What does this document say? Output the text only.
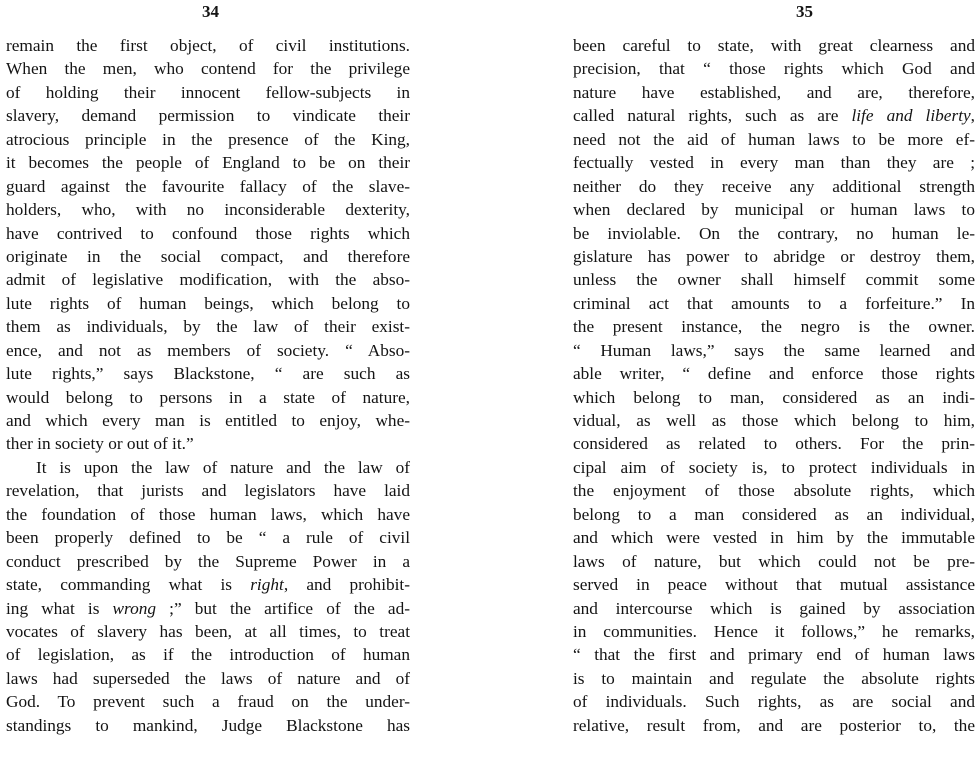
34
remain the first object, of civil institutions.
When the men, who contend for the privilege
of holding their innocent fellow-subjects in
slavery, demand permission to vindicate their
atrocious principle in the presence of the King,
it becomes the people of England to be on their
guard against the favourite fallacy of the slave-
holders, who, with no inconsiderable dexterity,
have contrived to confound those rights which
originate in the social compact, and therefore
admit of legislative modification, with the abso-
lute rights of human beings, which belong to
them as individuals, by the law of their exist-
ence, and not as members of society. “ Abso-
lute rights,” says Blackstone, “ are such as
would belong to persons in a state of nature,
and which every man is entitled to enjoy, whe-
ther in society or out of it.”
It is upon the law of nature and the law of
revelation, that jurists and legislators have laid
the foundation of those human laws, which have
been properly defined to be “ a rule of civil
conduct prescribed by the Supreme Power in a
state, commanding what is right, and prohibit-
ing what is wrong ;” but the artifice of the ad-
vocates of slavery has been, at all times, to treat
of legislation, as if the introduction of human
laws had superseded the laws of nature and of
God. To prevent such a fraud on the under-
standings to mankind, Judge Blackstone has
35
been careful to state, with great clearness and
precision, that “ those rights which God and
nature have established, and are, therefore,
called natural rights, such as are life and liberty,
need not the aid of human laws to be more ef-
fectually vested in every man than they are ;
neither do they receive any additional strength
when declared by municipal or human laws to
be inviolable. On the contrary, no human le-
gislature has power to abridge or destroy them,
unless the owner shall himself commit some
criminal act that amounts to a forfeiture.” In
the present instance, the negro is the owner.
“ Human laws,” says the same learned and
able writer, “ define and enforce those rights
which belong to man, considered as an indi-
vidual, as well as those which belong to him,
considered as related to others. For the prin-
cipal aim of society is, to protect individuals in
the enjoyment of those absolute rights, which
belong to a man considered as an individual,
and which were vested in him by the immutable
laws of nature, but which could not be pre-
served in peace without that mutual assistance
and intercourse which is gained by association
in communities. Hence it follows,” he remarks,
“ that the first and primary end of human laws
is to maintain and regulate the absolute rights
of individuals. Such rights, as are social and
relative, result from, and are posterior to, the
